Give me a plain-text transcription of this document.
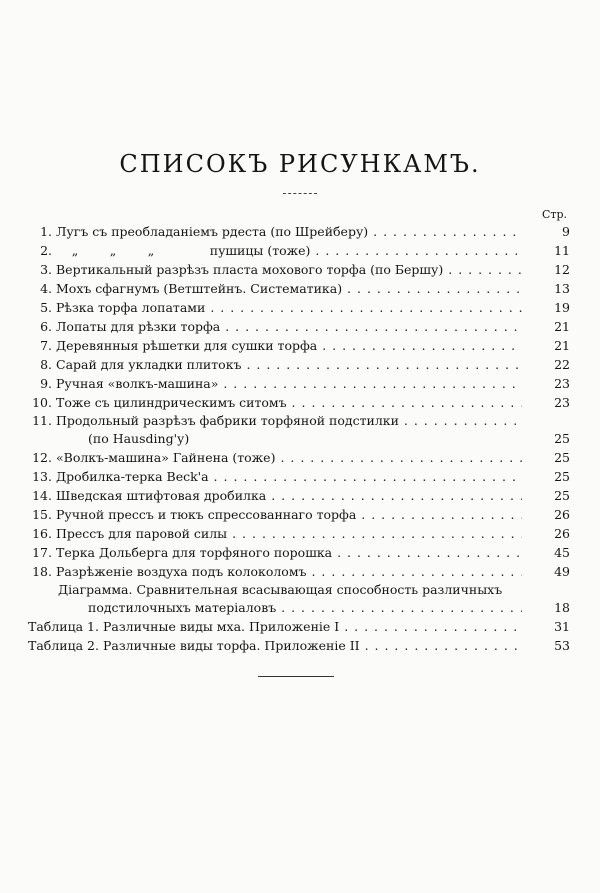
СПИСОКЪ РИСУНКАМЪ.
Стр.
1. Лугъ съ преобладаніемъ рдеста (по Шрейберу) . . .	9
2.	„	„	„	пушицы (тоже) . . .	11
3. Вертикальный разрѣзъ пласта мохового торфа (по Бершу) . . .	12
4. Мохъ сфагнумъ (Ветштейнъ. Систематика) . . .	13
5. Рѣзка торфа лопатами . . .	19
6. Лопаты для рѣзки торфа . . .	21
7. Деревянныя рѣшетки для сушки торфа . . .	21
8. Сарай для укладки плитокъ . . .	22
9. Ручная «волкъ-машина» . . .	23
10. Тоже съ цилиндрическимъ ситомъ . . .	23
11. Продольный разрѣзъ фабрики торфяной подстилки . . .
(по Hausding'у)	25
12. «Волкъ-машина» Гайнена (тоже) . . .	25
13. Дробилка-терка Beck'a . . .	25
14. Шведская штифтовая дробилка . . .	25
15. Ручной прессъ и тюкъ спрессованнаго торфа . . .	26
16. Прессъ для паровой силы . . .	26
17. Терка Дольберга для торфяного порошка . . .	45
18. Разрѣженіе воздуха подъ колоколомъ . . .	49
Діаграмма. Сравнительная всасывающая способность различныхъ
подстилочныхъ матеріаловъ . . .	18
Таблица 1. Различные виды мха. Приложеніе I . . .	31
Таблица 2. Различные виды торфа. Приложеніе II . . .	53
